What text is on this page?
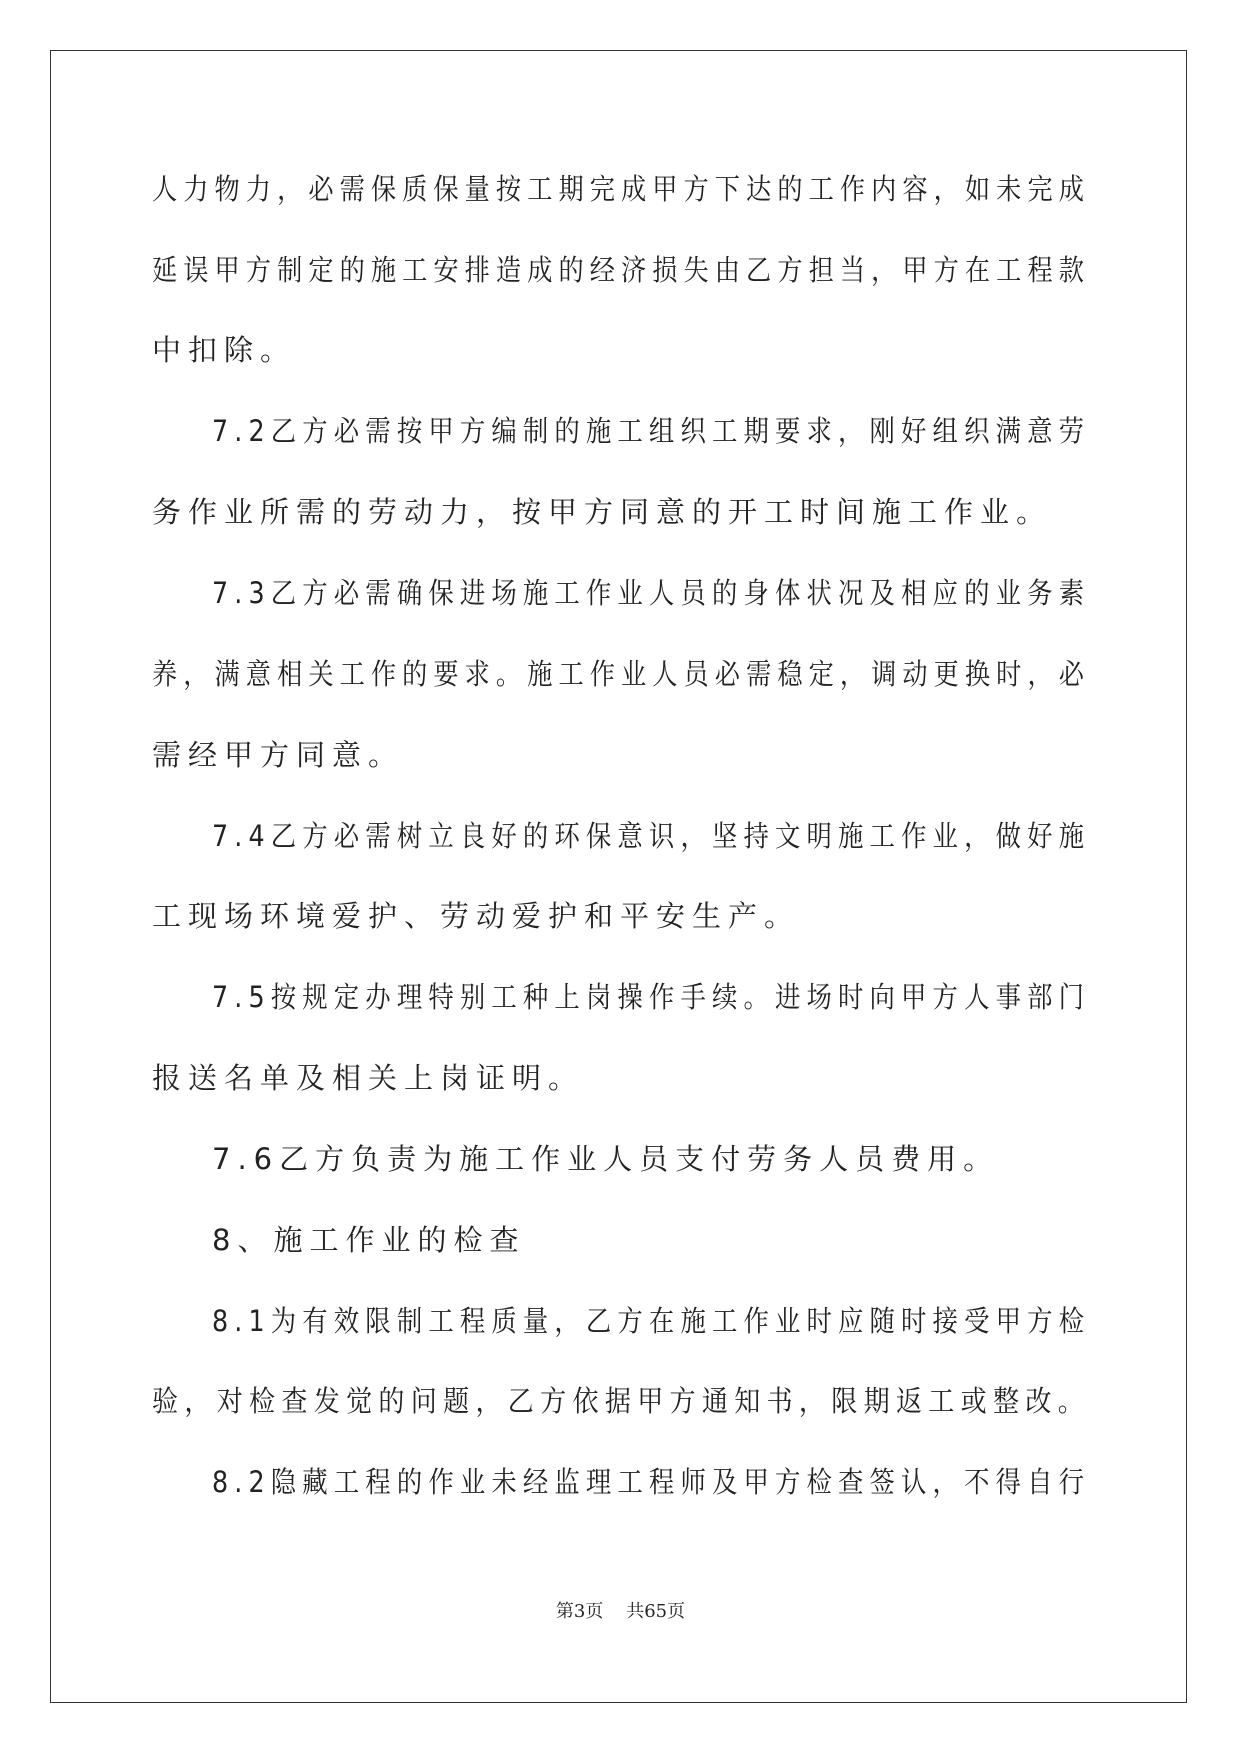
人力物力，必需保质保量按工期完成甲方下达的工作内容，如未完成
延误甲方制定的施工安排造成的经济损失由乙方担当，甲方在工程款
中扣除。
7.2乙方必需按甲方编制的施工组织工期要求，刚好组织满意劳
务作业所需的劳动力，按甲方同意的开工时间施工作业。
7.3乙方必需确保进场施工作业人员的身体状况及相应的业务素
养，满意相关工作的要求。施工作业人员必需稳定，调动更换时，必
需经甲方同意。
7.4乙方必需树立良好的环保意识，坚持文明施工作业，做好施
工现场环境爱护、劳动爱护和平安生产。
7.5按规定办理特别工种上岗操作手续。进场时向甲方人事部门
报送名单及相关上岗证明。
7.6乙方负责为施工作业人员支付劳务人员费用。
8、施工作业的检查
8.1为有效限制工程质量，乙方在施工作业时应随时接受甲方检
验，对检查发觉的问题，乙方依据甲方通知书，限期返工或整改。
8.2隐藏工程的作业未经监理工程师及甲方检查签认，不得自行
第3页    共65页
